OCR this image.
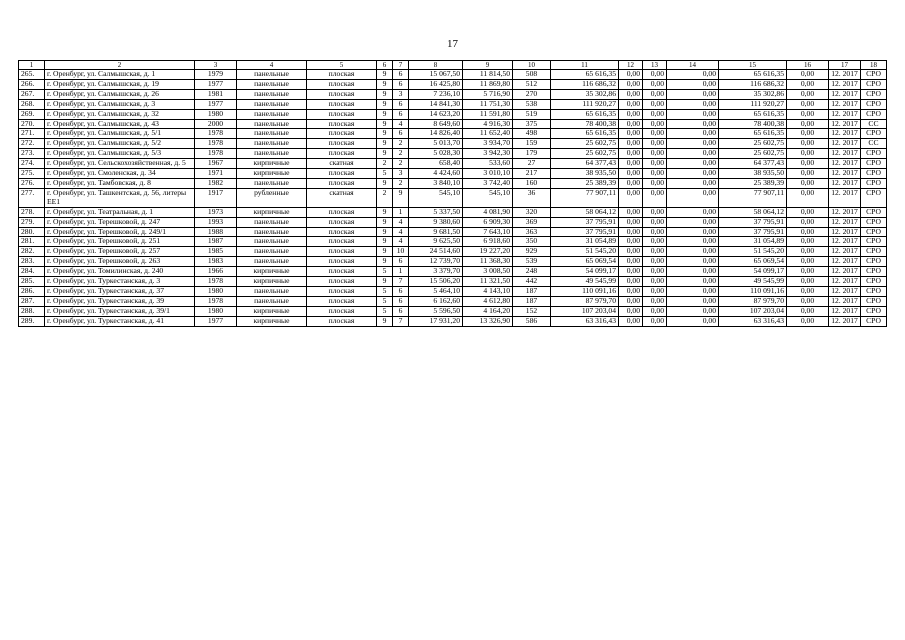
17
1	2	3	4	5	6	7	8	9	10	11	12	13	14	15	16	17	18
265.	г. Оренбург, ул. Салмышская, д. 1	1979	панельные	плоская	9	6	15 067,50	11 814,50	508	65 616,35	0,00	0,00	0,00	65 616,35	0,00	12. 2017	СРО
266.	г. Оренбург, ул. Салмышская, д. 19	1977	панельные	плоская	9	6	16 425,80	11 869,80	512	116 686,32	0,00	0,00	0,00	116 686,32	0,00	12. 2017	СРО
267.	г. Оренбург, ул. Салмышская, д. 26	1981	панельные	плоская	9	3	7 236,10	5 716,90	270	35 302,86	0,00	0,00	0,00	35 302,86	0,00	12. 2017	СРО
268.	г. Оренбург, ул. Салмышская, д. 3	1977	панельные	плоская	9	6	14 841,30	11 751,30	538	111 920,27	0,00	0,00	0,00	111 920,27	0,00	12. 2017	СРО
269.	г. Оренбург, ул. Салмышская, д. 32	1980	панельные	плоская	9	6	14 623,20	11 591,80	519	65 616,35	0,00	0,00	0,00	65 616,35	0,00	12. 2017	СРО
270.	г. Оренбург, ул. Салмышская, д. 43	2000	панельные	плоская	9	4	8 649,60	4 916,30	375	78 400,38	0,00	0,00	0,00	78 400,38	0,00	12. 2017	СС
271.	г. Оренбург, ул. Салмышская, д. 5/1	1978	панельные	плоская	9	6	14 826,40	11 652,40	498	65 616,35	0,00	0,00	0,00	65 616,35	0,00	12. 2017	СРО
272.	г. Оренбург, ул. Салмышская, д. 5/2	1978	панельные	плоская	9	2	5 013,70	3 934,70	159	25 602,75	0,00	0,00	0,00	25 602,75	0,00	12. 2017	СС
273.	г. Оренбург, ул. Салмышская, д. 5/3	1978	панельные	плоская	9	2	5 028,30	3 942,30	179	25 602,75	0,00	0,00	0,00	25 602,75	0,00	12. 2017	СРО
274.	г. Оренбург, ул. Сельскохозяйственная, д. 5	1967	кирпичные	скатная	2	2	658,40	533,60	27	64 377,43	0,00	0,00	0,00	64 377,43	0,00	12. 2017	СРО
275.	г. Оренбург, ул. Смоленская, д. 34	1971	кирпичные	плоская	5	3	4 424,60	3 010,10	217	38 935,50	0,00	0,00	0,00	38 935,50	0,00	12. 2017	СРО
276.	г. Оренбург, ул. Тамбовская, д. 8	1982	панельные	плоская	9	2	3 840,10	3 742,40	160	25 389,39	0,00	0,00	0,00	25 389,39	0,00	12. 2017	СРО
277.	г. Оренбург, ул. Ташкентская, д. 56, литеры ЕЕ1	1917	рубленные	скатная	2	9	545,10	545,10	36	77 907,11	0,00	0,00	0,00	77 907,11	0,00	12. 2017	СРО
278.	г. Оренбург, ул. Театральная, д. 1	1973	кирпичные	плоская	9	1	5 337,50	4 081,90	320	58 064,12	0,00	0,00	0,00	58 064,12	0,00	12. 2017	СРО
279.	г. Оренбург, ул. Терешковой, д. 247	1993	панельные	плоская	9	4	9 380,60	6 909,30	369	37 795,91	0,00	0,00	0,00	37 795,91	0,00	12. 2017	СРО
280.	г. Оренбург, ул. Терешковой, д. 249/1	1988	панельные	плоская	9	4	9 681,50	7 643,10	363	37 795,91	0,00	0,00	0,00	37 795,91	0,00	12. 2017	СРО
281.	г. Оренбург, ул. Терешковой, д. 251	1987	панельные	плоская	9	4	9 625,50	6 918,60	350	31 054,89	0,00	0,00	0,00	31 054,89	0,00	12. 2017	СРО
282.	г. Оренбург, ул. Терешковой, д. 257	1985	панельные	плоская	9	10	24 514,60	19 227,20	929	51 545,20	0,00	0,00	0,00	51 545,20	0,00	12. 2017	СРО
283.	г. Оренбург, ул. Терешковой, д. 263	1983	панельные	плоская	9	6	12 739,70	11 368,30	539	65 069,54	0,00	0,00	0,00	65 069,54	0,00	12. 2017	СРО
284.	г. Оренбург, ул. Томилинская, д. 240	1966	кирпичные	плоская	5	1	3 379,70	3 008,50	248	54 099,17	0,00	0,00	0,00	54 099,17	0,00	12. 2017	СРО
285.	г. Оренбург, ул. Туркестанская, д. 3	1978	кирпичные	плоская	9	7	15 506,20	11 321,50	442	49 545,99	0,00	0,00	0,00	49 545,99	0,00	12. 2017	СРО
286.	г. Оренбург, ул. Туркестанская, д. 37	1980	панельные	плоская	5	6	5 464,10	4 143,10	187	110 091,16	0,00	0,00	0,00	110 091,16	0,00	12. 2017	СРО
287.	г. Оренбург, ул. Туркестанская, д. 39	1978	панельные	плоская	5	6	6 162,60	4 612,80	187	87 979,70	0,00	0,00	0,00	87 979,70	0,00	12. 2017	СРО
288.	г. Оренбург, ул. Туркестанская, д. 39/1	1980	кирпичные	плоская	5	6	5 596,50	4 164,20	152	107 203,04	0,00	0,00	0,00	107 203,04	0,00	12. 2017	СРО
289.	г. Оренбург, ул. Туркестанская, д. 41	1977	кирпичные	плоская	9	7	17 931,20	13 326,90	586	63 316,43	0,00	0,00	0,00	63 316,43	0,00	12. 2017	СРО
